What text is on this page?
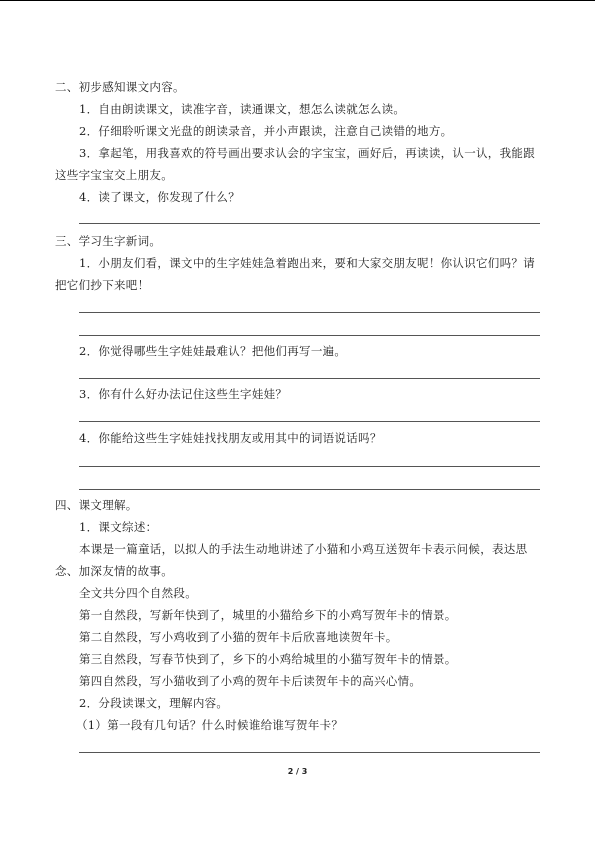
二、初步感知课文内容。
1．自由朗读课文，读准字音，读通课文，想怎么读就怎么读。
2．仔细聆听课文光盘的朗读录音，并小声跟读，注意自己读错的地方。
3．拿起笔，用我喜欢的符号画出要求认会的字宝宝，画好后，再读读，认一认，我能跟
这些字宝宝交上朋友。
4．读了课文，你发现了什么？
三、学习生字新词。
1．小朋友们看，课文中的生字娃娃急着跑出来，要和大家交朋友呢！你认识它们吗？请
把它们抄下来吧！
2．你觉得哪些生字娃娃最难认？把他们再写一遍。
3．你有什么好办法记住这些生字娃娃？
4．你能给这些生字娃娃找找朋友或用其中的词语说话吗？
四、课文理解。
1．课文综述：
本课是一篇童话，以拟人的手法生动地讲述了小猫和小鸡互送贺年卡表示问候，表达思
念、加深友情的故事。
全文共分四个自然段。
第一自然段，写新年快到了，城里的小猫给乡下的小鸡写贺年卡的情景。
第二自然段，写小鸡收到了小猫的贺年卡后欣喜地读贺年卡。
第三自然段，写春节快到了，乡下的小鸡给城里的小猫写贺年卡的情景。
第四自然段，写小猫收到了小鸡的贺年卡后读贺年卡的高兴心情。
2．分段读课文，理解内容。
（1）第一段有几句话？什么时候谁给谁写贺年卡？
2 / 3
